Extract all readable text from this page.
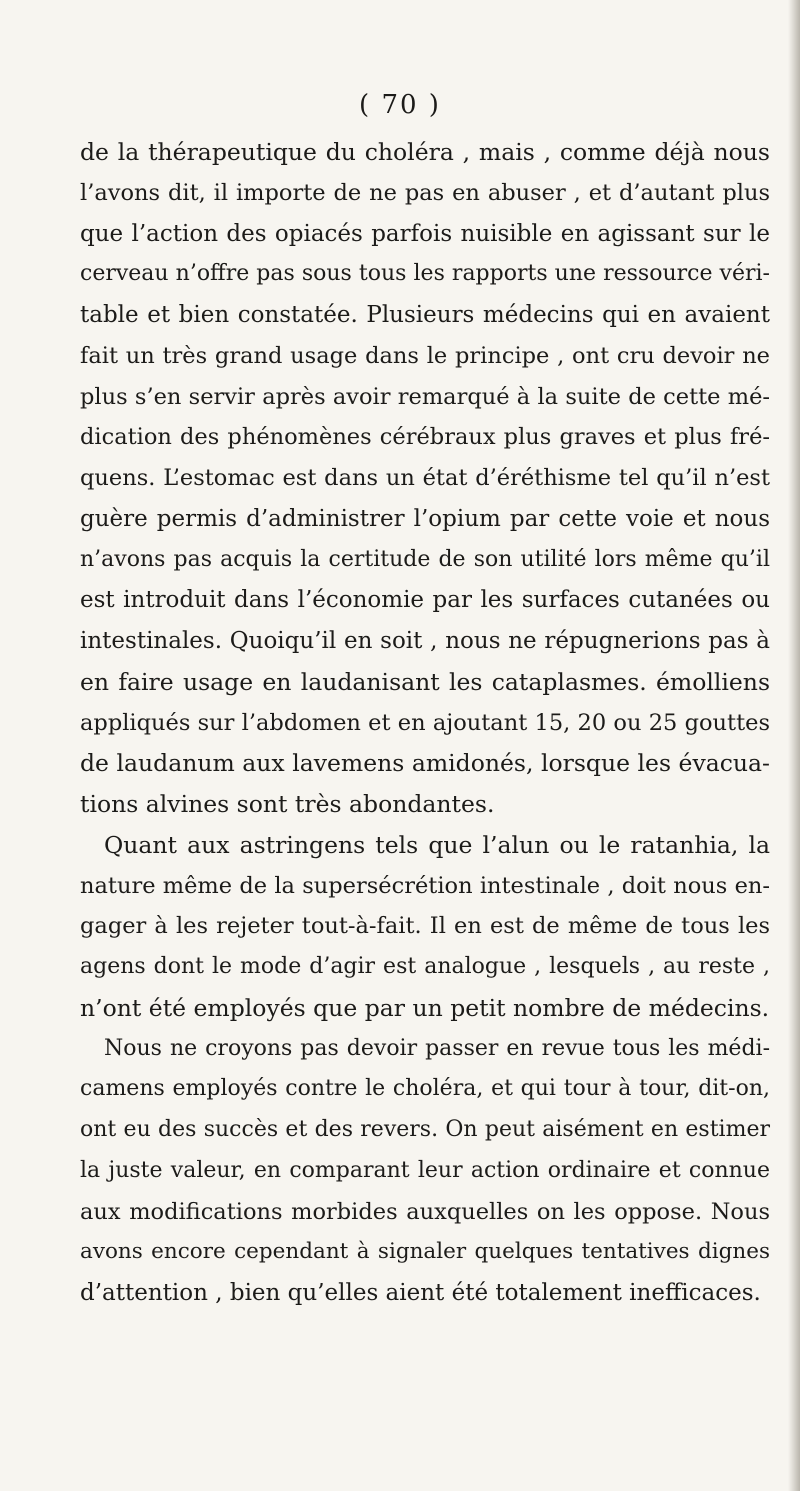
( 70 )
de la thérapeutique du choléra , mais , comme déjà nous
l’avons dit, il importe de ne pas en abuser , et d’autant plus
que l’action des opiacés parfois nuisible en agissant sur le
cerveau n’offre pas sous tous les rapports une ressource véri-
table et bien constatée. Plusieurs médecins qui en avaient
fait un très grand usage dans le principe , ont cru devoir ne
plus s’en servir après avoir remarqué à la suite de cette mé-
dication des phénomènes cérébraux plus graves et plus fré-
quens. L’estomac est dans un état d’éréthisme tel qu’il n’est
guère permis d’administrer l’opium par cette voie et nous
n’avons pas acquis la certitude de son utilité lors même qu’il
est introduit dans l’économie par les surfaces cutanées ou
intestinales. Quoiqu’il en soit , nous ne répugnerions pas à
en faire usage en laudanisant les cataplasmes. émolliens
appliqués sur l’abdomen et en ajoutant 15, 20 ou 25 gouttes
de laudanum aux lavemens amidonés, lorsque les évacua-
tions alvines sont très abondantes.
Quant aux astringens tels que l’alun ou le ratanhia, la
nature même de la supersécrétion intestinale , doit nous en-
gager à les rejeter tout-à-fait. Il en est de même de tous les
agens dont le mode d’agir est analogue , lesquels , au reste ,
n’ont été employés que par un petit nombre de médecins.
Nous ne croyons pas devoir passer en revue tous les médi-
camens employés contre le choléra, et qui tour à tour, dit-on,
ont eu des succès et des revers. On peut aisément en estimer
la juste valeur, en comparant leur action ordinaire et connue
aux modifications morbides auxquelles on les oppose. Nous
avons encore cependant à signaler quelques tentatives dignes
d’attention , bien qu’elles aient été totalement inefficaces.
